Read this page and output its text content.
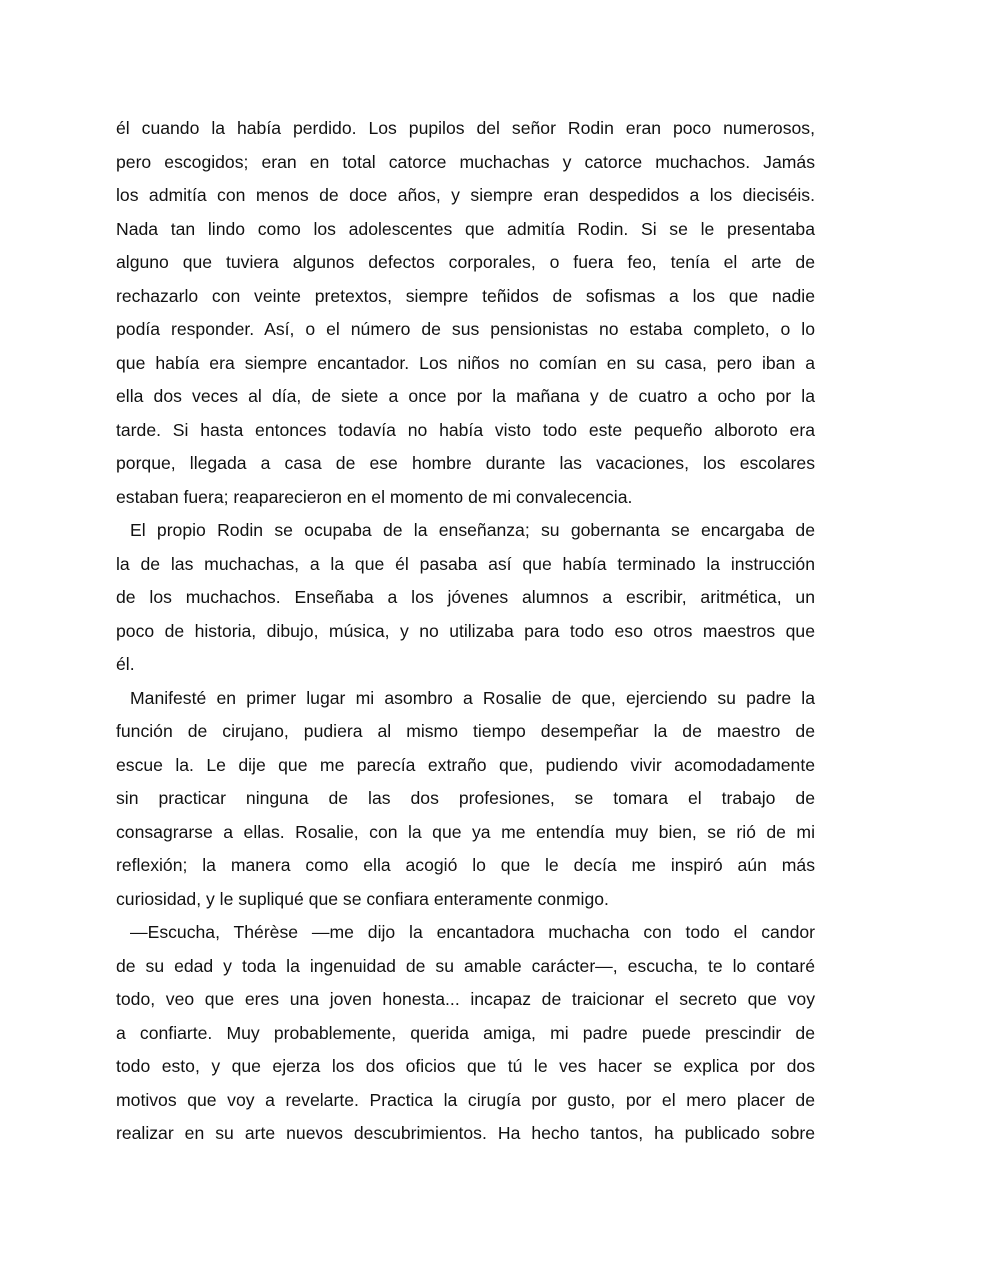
él cuando la había perdido. Los pupilos del señor Rodin eran poco numerosos,
pero escogidos; eran en total catorce muchachas y catorce muchachos. Jamás
los admitía con menos de doce años, y siempre eran despedidos a los dieciséis.
Nada tan lindo como los adolescentes que admitía Rodin. Si se le presentaba
alguno que tuviera algunos defectos corporales, o fuera feo, tenía el arte de
rechazarlo con veinte pretextos, siempre teñidos de sofismas a los que nadie
podía responder. Así, o el número de sus pensionistas no estaba completo, o lo
que había era siempre encantador. Los niños no comían en su casa, pero iban a
ella dos veces al día, de siete a once por la mañana y de cuatro a ocho por la
tarde. Si hasta entonces todavía no había visto todo este pequeño alboroto era
porque, llegada a casa de ese hombre durante las vacaciones, los escolares
estaban fuera; reaparecieron en el momento de mi convalecencia.
El propio Rodin se ocupaba de la enseñanza; su gobernanta se encargaba de
la de las muchachas, a la que él pasaba así que había terminado la instrucción
de los muchachos. Enseñaba a los jóvenes alumnos a escribir, aritmética, un
poco de historia, dibujo, música, y no utilizaba para todo eso otros maestros que
él.
Manifesté en primer lugar mi asombro a Rosalie de que, ejerciendo su padre la
función de cirujano, pudiera al mismo tiempo desempeñar la de maestro de
escue la. Le dije que me parecía extraño que, pudiendo vivir acomodadamente
sin practicar ninguna de las dos profesiones, se tomara el trabajo de
consagrarse a ellas. Rosalie, con la que ya me entendía muy bien, se rió de mi
reflexión; la manera como ella acogió lo que le decía me inspiró aún más
curiosidad, y le supliqué que se confiara enteramente conmigo.
—Escucha, Thérèse —me dijo la encantadora muchacha con todo el candor
de su edad y toda la ingenuidad de su amable carácter—, escucha, te lo contaré
todo, veo que eres una joven honesta... incapaz de traicionar el secreto que voy
a confiarte. Muy probablemente, querida amiga, mi padre puede prescindir de
todo esto, y que ejerza los dos oficios que tú le ves hacer se explica por dos
motivos que voy a revelarte. Practica la cirugía por gusto, por el mero placer de
realizar en su arte nuevos descubrimientos. Ha hecho tantos, ha publicado sobre
